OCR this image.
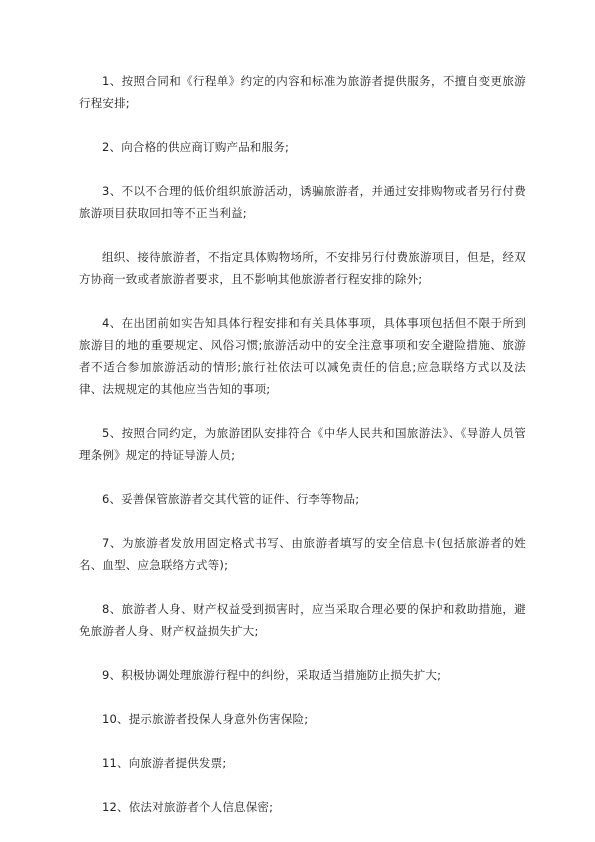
1、按照合同和《行程单》约定的内容和标准为旅游者提供服务，不擅自变更旅游行程安排;

2、向合格的供应商订购产品和服务;

3、不以不合理的低价组织旅游活动，诱骗旅游者，并通过安排购物或者另行付费旅游项目获取回扣等不正当利益;

组织、接待旅游者，不指定具体购物场所，不安排另行付费旅游项目，但是，经双方协商一致或者旅游者要求，且不影响其他旅游者行程安排的除外;

4、在出团前如实告知具体行程安排和有关具体事项，具体事项包括但不限于所到旅游目的地的重要规定、风俗习惯;旅游活动中的安全注意事项和安全避险措施、旅游者不适合参加旅游活动的情形;旅行社依法可以减免责任的信息;应急联络方式以及法律、法规规定的其他应当告知的事项;

5、按照合同约定，为旅游团队安排符合《中华人民共和国旅游法》、《导游人员管理条例》规定的持证导游人员;

6、妥善保管旅游者交其代管的证件、行李等物品;

7、为旅游者发放用固定格式书写、由旅游者填写的安全信息卡(包括旅游者的姓名、血型、应急联络方式等);

8、旅游者人身、财产权益受到损害时，应当采取合理必要的保护和救助措施，避免旅游者人身、财产权益损失扩大;

9、积极协调处理旅游行程中的纠纷，采取适当措施防止损失扩大;

10、提示旅游者投保人身意外伤害保险;

11、向旅游者提供发票;

12、依法对旅游者个人信息保密;
